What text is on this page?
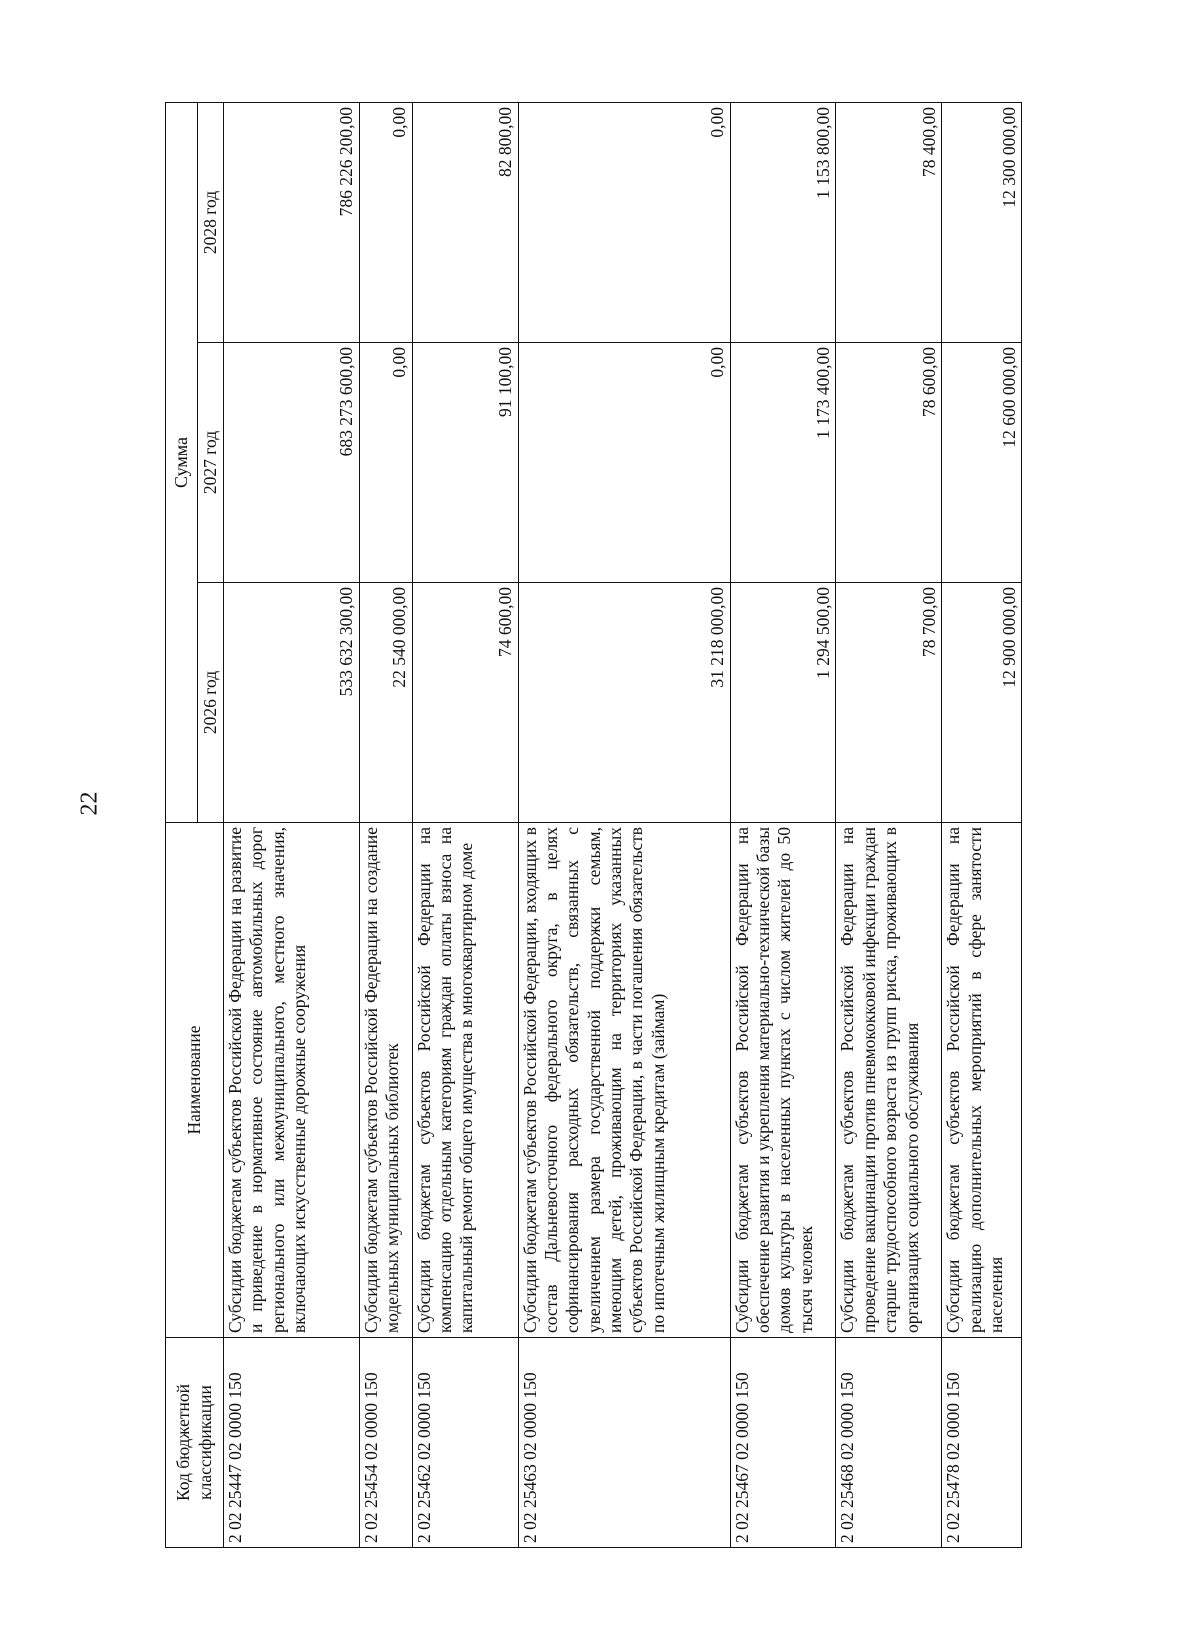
22
Код бюджетной классификации	Наименование	Сумма		
		2026 год	2027 год	2028 год
2 02 25447 02 0000 150	Субсидии бюджетам субъектов Российской Федерации на развитие и приведение в нормативное состояние автомобильных дорог регионального или межмуниципального, местного значения, включающих искусственные дорожные сооружения	533 632 300,00	683 273 600,00	786 226 200,00
2 02 25454 02 0000 150	Субсидии бюджетам субъектов Российской Федерации на создание модельных муниципальных библиотек	22 540 000,00	0,00	0,00
2 02 25462 02 0000 150	Субсидии бюджетам субъектов Российской Федерации на компенсацию отдельным категориям граждан оплаты взноса на капитальный ремонт общего имущества в многоквартирном доме	74 600,00	91 100,00	82 800,00
2 02 25463 02 0000 150	Субсидии бюджетам субъектов Российской Федерации, входящих в состав Дальневосточного федерального округа, в целях софинансирования расходных обязательств, связанных с увеличением размера государственной поддержки семьям, имеющим детей, проживающим на территориях указанных субъектов Российской Федерации, в части погашения обязательств по ипотечным жилищным кредитам (займам)	31 218 000,00	0,00	0,00
2 02 25467 02 0000 150	Субсидии бюджетам субъектов Российской Федерации на обеспечение развития и укрепления материально-технической базы домов культуры в населенных пунктах с числом жителей до 50 тысяч человек	1 294 500,00	1 173 400,00	1 153 800,00
2 02 25468 02 0000 150	Субсидии бюджетам субъектов Российской Федерации на проведение вакцинации против пневмококковой инфекции граждан старше трудоспособного возраста из групп риска, проживающих в организациях социального обслуживания	78 700,00	78 600,00	78 400,00
2 02 25478 02 0000 150	Субсидии бюджетам субъектов Российской Федерации на реализацию дополнительных мероприятий в сфере занятости населения	12 900 000,00	12 600 000,00	12 300 000,00
